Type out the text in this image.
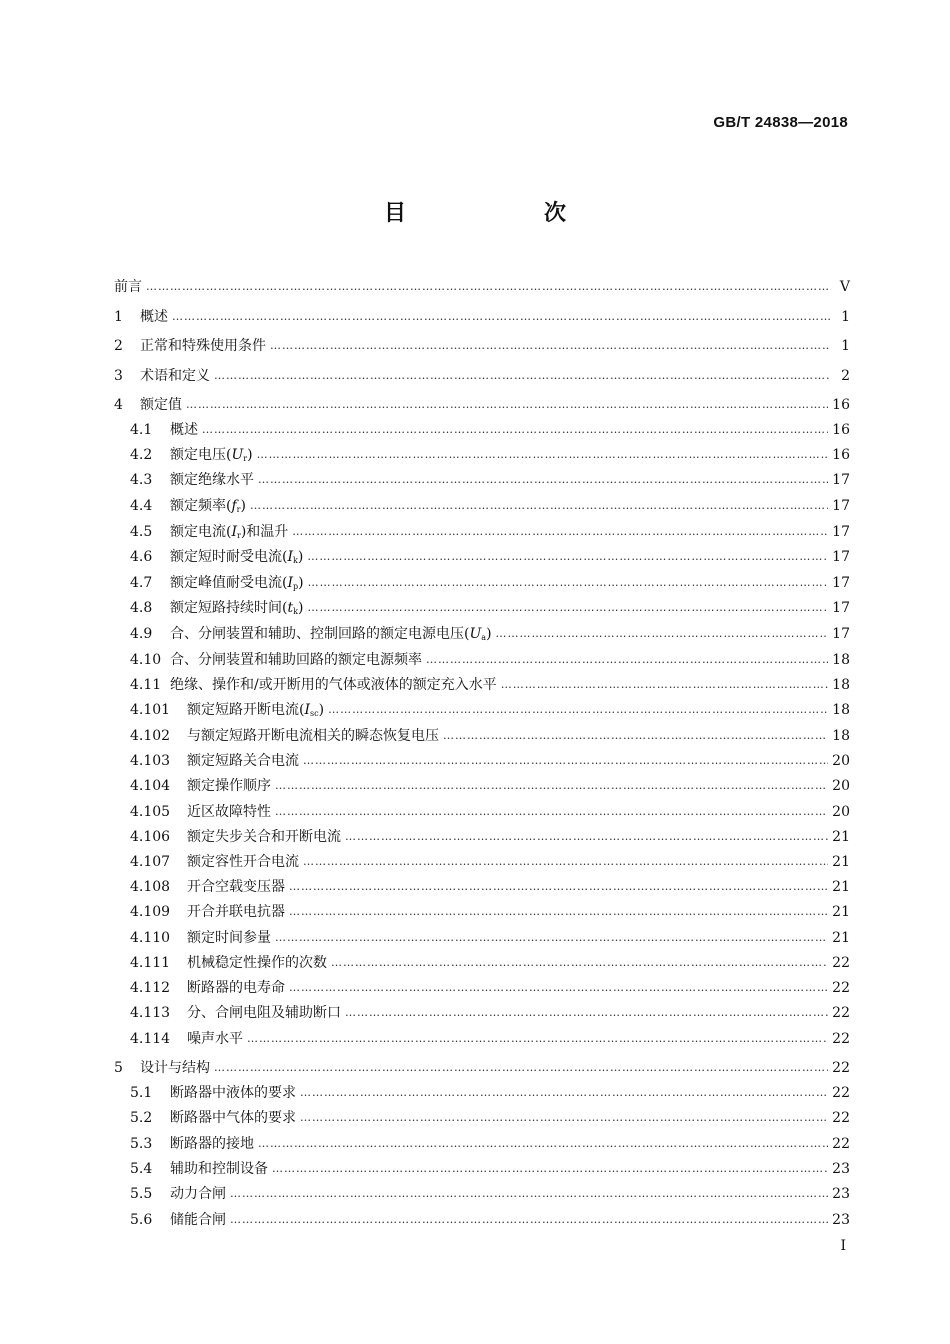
GB/T 24838—2018
目　次
前言 ………………………………………………………………………………………………………………………………………………………………………………………………………………	Ⅴ
1	概述 ………………………………………………………………………………………………………………………………………………………………………………………………………………	1
2	正常和特殊使用条件 ………………………………………………………………………………………………………………………………………………………………………………………………………………	1
3	术语和定义 ………………………………………………………………………………………………………………………………………………………………………………………………………………	2
4	额定值 ………………………………………………………………………………………………………………………………………………………………………………………………………………	16
4.1	概述 ………………………………………………………………………………………………………………………………………………………………………………………………………………	16
4.2	额定电压$(U_r)$ ………………………………………………………………………………………………………………………………………………………………………………………………………………	16
4.3	额定绝缘水平 ………………………………………………………………………………………………………………………………………………………………………………………………………………	17
4.4	额定频率$(f_r)$ ………………………………………………………………………………………………………………………………………………………………………………………………………………	17
4.5	额定电流$(I_r)$和温升 ………………………………………………………………………………………………………………………………………………………………………………………………………………	17
4.6	额定短时耐受电流$(I_k)$ ………………………………………………………………………………………………………………………………………………………………………………………………………………	17
4.7	额定峰值耐受电流$(I_p)$ ………………………………………………………………………………………………………………………………………………………………………………………………………………	17
4.8	额定短路持续时间$(t_k)$ ………………………………………………………………………………………………………………………………………………………………………………………………………………	17
4.9	合、分闸装置和辅助、控制回路的额定电源电压$(U_a)$ ………………………………………………………………………………………………………………………………………………………………………………………………………………	17
4.10 合、分闸装置和辅助回路的额定电源频率 ………………………………………………………………………………………………………………………………………………………………………………………………………………	18
4.11 绝缘、操作和/或开断用的气体或液体的额定充入水平 ………………………………………………………………………………………………………………………………………………………………………………………………………………	18
4.101	额定短路开断电流$(I_{sc})$ ………………………………………………………………………………………………………………………………………………………………………………………………………………	18
4.102	与额定短路开断电流相关的瞬态恢复电压 ………………………………………………………………………………………………………………………………………………………………………………………………………………	18
4.103	额定短路关合电流 ………………………………………………………………………………………………………………………………………………………………………………………………………………	20
4.104	额定操作顺序 ………………………………………………………………………………………………………………………………………………………………………………………………………………	20
4.105	近区故障特性 ………………………………………………………………………………………………………………………………………………………………………………………………………………	20
4.106	额定失步关合和开断电流 ………………………………………………………………………………………………………………………………………………………………………………………………………………	21
4.107	额定容性开合电流 ………………………………………………………………………………………………………………………………………………………………………………………………………………	21
4.108	开合空载变压器 ………………………………………………………………………………………………………………………………………………………………………………………………………………	21
4.109	开合并联电抗器 ………………………………………………………………………………………………………………………………………………………………………………………………………………	21
4.110	额定时间参量 ………………………………………………………………………………………………………………………………………………………………………………………………………………	21
4.111	机械稳定性操作的次数 ………………………………………………………………………………………………………………………………………………………………………………………………………………	22
4.112	断路器的电寿命 ………………………………………………………………………………………………………………………………………………………………………………………………………………	22
4.113	分、合闸电阻及辅助断口 ………………………………………………………………………………………………………………………………………………………………………………………………………………	22
4.114	噪声水平 ………………………………………………………………………………………………………………………………………………………………………………………………………………	22
5	设计与结构 ………………………………………………………………………………………………………………………………………………………………………………………………………………	22
5.1	断路器中液体的要求 ………………………………………………………………………………………………………………………………………………………………………………………………………………	22
5.2	断路器中气体的要求 ………………………………………………………………………………………………………………………………………………………………………………………………………………	22
5.3	断路器的接地 ………………………………………………………………………………………………………………………………………………………………………………………………………………	22
5.4	辅助和控制设备 ………………………………………………………………………………………………………………………………………………………………………………………………………………	23
5.5	动力合闸 ………………………………………………………………………………………………………………………………………………………………………………………………………………	23
5.6	储能合闸 ………………………………………………………………………………………………………………………………………………………………………………………………………………	23
I
